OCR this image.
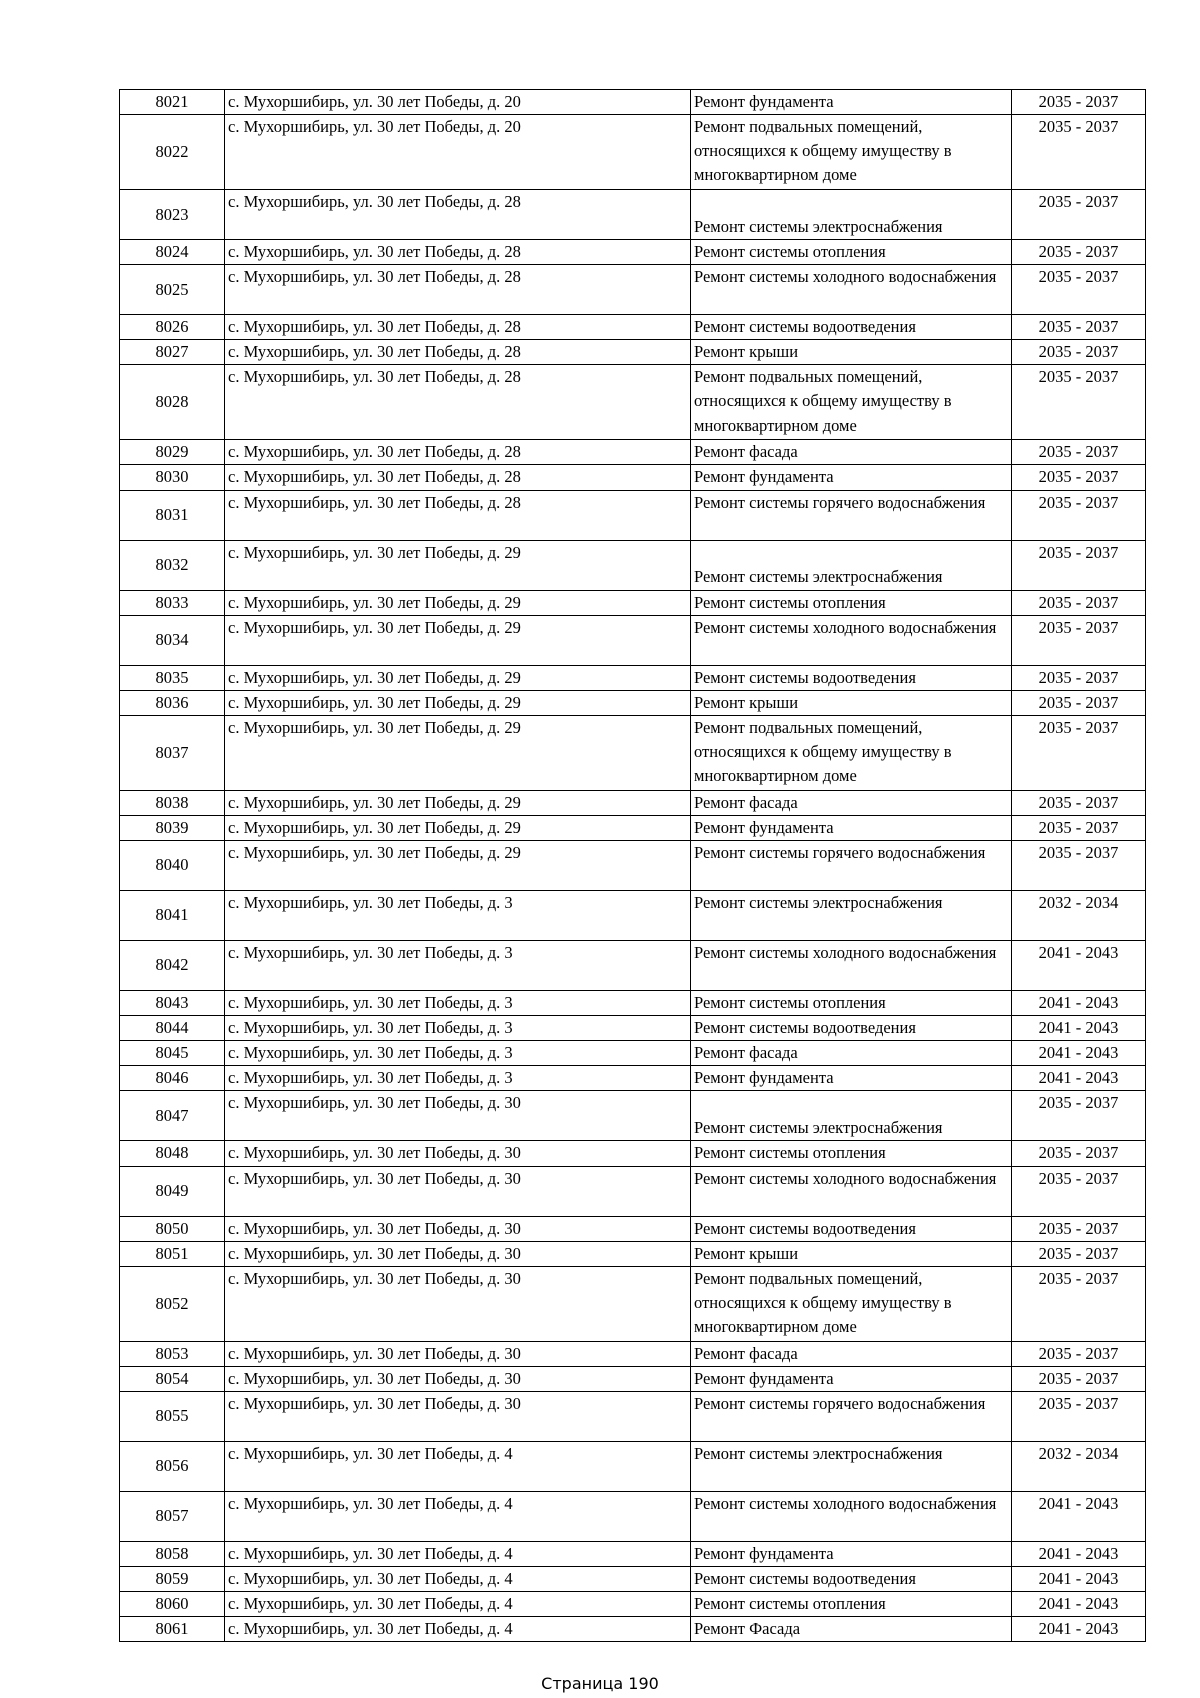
8021	с. Мухоршибирь, ул. 30 лет Победы, д. 20	Ремонт фундамента	2035 - 2037
8022	с. Мухоршибирь, ул. 30 лет Победы, д. 20	Ремонт подвальных помещений, относящихся к общему имуществу в многоквартирном доме	2035 - 2037
8023	с. Мухоршибирь, ул. 30 лет Победы, д. 28	Ремонт системы электроснабжения	2035 - 2037
8024	с. Мухоршибирь, ул. 30 лет Победы, д. 28	Ремонт системы отопления	2035 - 2037
8025	с. Мухоршибирь, ул. 30 лет Победы, д. 28	Ремонт системы холодного водоснабжения	2035 - 2037
8026	с. Мухоршибирь, ул. 30 лет Победы, д. 28	Ремонт системы водоотведения	2035 - 2037
8027	с. Мухоршибирь, ул. 30 лет Победы, д. 28	Ремонт крыши	2035 - 2037
8028	с. Мухоршибирь, ул. 30 лет Победы, д. 28	Ремонт подвальных помещений, относящихся к общему имуществу в многоквартирном доме	2035 - 2037
8029	с. Мухоршибирь, ул. 30 лет Победы, д. 28	Ремонт фасада	2035 - 2037
8030	с. Мухоршибирь, ул. 30 лет Победы, д. 28	Ремонт фундамента	2035 - 2037
8031	с. Мухоршибирь, ул. 30 лет Победы, д. 28	Ремонт системы горячего водоснабжения	2035 - 2037
8032	с. Мухоршибирь, ул. 30 лет Победы, д. 29	Ремонт системы электроснабжения	2035 - 2037
8033	с. Мухоршибирь, ул. 30 лет Победы, д. 29	Ремонт системы отопления	2035 - 2037
8034	с. Мухоршибирь, ул. 30 лет Победы, д. 29	Ремонт системы холодного водоснабжения	2035 - 2037
8035	с. Мухоршибирь, ул. 30 лет Победы, д. 29	Ремонт системы водоотведения	2035 - 2037
8036	с. Мухоршибирь, ул. 30 лет Победы, д. 29	Ремонт крыши	2035 - 2037
8037	с. Мухоршибирь, ул. 30 лет Победы, д. 29	Ремонт подвальных помещений, относящихся к общему имуществу в многоквартирном доме	2035 - 2037
8038	с. Мухоршибирь, ул. 30 лет Победы, д. 29	Ремонт фасада	2035 - 2037
8039	с. Мухоршибирь, ул. 30 лет Победы, д. 29	Ремонт фундамента	2035 - 2037
8040	с. Мухоршибирь, ул. 30 лет Победы, д. 29	Ремонт системы горячего водоснабжения	2035 - 2037
8041	с. Мухоршибирь, ул. 30 лет Победы, д. 3	Ремонт системы электроснабжения	2032 - 2034
8042	с. Мухоршибирь, ул. 30 лет Победы, д. 3	Ремонт системы холодного водоснабжения	2041 - 2043
8043	с. Мухоршибирь, ул. 30 лет Победы, д. 3	Ремонт системы отопления	2041 - 2043
8044	с. Мухоршибирь, ул. 30 лет Победы, д. 3	Ремонт системы водоотведения	2041 - 2043
8045	с. Мухоршибирь, ул. 30 лет Победы, д. 3	Ремонт фасада	2041 - 2043
8046	с. Мухоршибирь, ул. 30 лет Победы, д. 3	Ремонт фундамента	2041 - 2043
8047	с. Мухоршибирь, ул. 30 лет Победы, д. 30	Ремонт системы электроснабжения	2035 - 2037
8048	с. Мухоршибирь, ул. 30 лет Победы, д. 30	Ремонт системы отопления	2035 - 2037
8049	с. Мухоршибирь, ул. 30 лет Победы, д. 30	Ремонт системы холодного водоснабжения	2035 - 2037
8050	с. Мухоршибирь, ул. 30 лет Победы, д. 30	Ремонт системы водоотведения	2035 - 2037
8051	с. Мухоршибирь, ул. 30 лет Победы, д. 30	Ремонт крыши	2035 - 2037
8052	с. Мухоршибирь, ул. 30 лет Победы, д. 30	Ремонт подвальных помещений, относящихся к общему имуществу в многоквартирном доме	2035 - 2037
8053	с. Мухоршибирь, ул. 30 лет Победы, д. 30	Ремонт фасада	2035 - 2037
8054	с. Мухоршибирь, ул. 30 лет Победы, д. 30	Ремонт фундамента	2035 - 2037
8055	с. Мухоршибирь, ул. 30 лет Победы, д. 30	Ремонт системы горячего водоснабжения	2035 - 2037
8056	с. Мухоршибирь, ул. 30 лет Победы, д. 4	Ремонт системы электроснабжения	2032 - 2034
8057	с. Мухоршибирь, ул. 30 лет Победы, д. 4	Ремонт системы холодного водоснабжения	2041 - 2043
8058	с. Мухоршибирь, ул. 30 лет Победы, д. 4	Ремонт фундамента	2041 - 2043
8059	с. Мухоршибирь, ул. 30 лет Победы, д. 4	Ремонт системы водоотведения	2041 - 2043
8060	с. Мухоршибирь, ул. 30 лет Победы, д. 4	Ремонт системы отопления	2041 - 2043
8061	с. Мухоршибирь, ул. 30 лет Победы, д. 4	Ремонт Фасада	2041 - 2043
Страница 190
